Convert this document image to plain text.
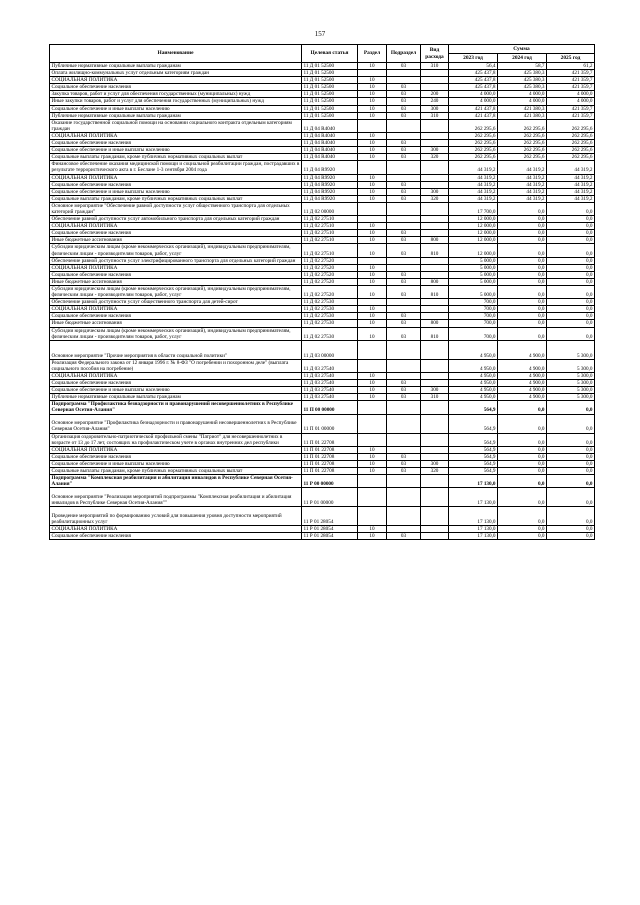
157
Наименование	Целевая статья	Раздел	Подраздел	Вид расхода	Сумма		
					2023 год	2024 год	2025 год
Публичные нормативные социальные выплаты гражданам	11 Д 01 52500	10	03	310	56,4	58,7	61,2
Оплата жилищно-коммунальных услуг отдельным категориям граждан	11 Д 01 52500				425 437,8	425 380,3	421 359,7
СОЦИАЛЬНАЯ ПОЛИТИКА	11 Д 01 52500	10			425 437,8	425 380,3	421 359,7
Социальное обеспечение населения	11 Д 01 52500	10	03		425 437,8	425 380,3	421 359,7
Закупка товаров, работ и услуг для обеспечения государственных (муниципальных) нужд	11 Д 01 52500	10	03	200	4 000,0	4 000,0	4 000,0
Иные закупки товаров, работ и услуг для обеспечения государственных (муниципальных) нужд	11 Д 01 52500	10	03	240	4 000,0	4 000,0	4 000,0
Социальное обеспечение и иные выплаты населению	11 Д 01 52500	10	03	300	421 437,8	421 380,3	421 359,7
Публичные нормативные социальные выплаты гражданам	11 Д 01 52500	10	03	310	421 437,8	421 380,3	421 359,7
Оказание государственной социальной помощи на основании социального контракта отдельным категориям граждан	11 Д 04 R4040				262 295,6	262 295,6	262 295,6
СОЦИАЛЬНАЯ ПОЛИТИКА	11 Д 04 R4040	10			262 295,6	262 295,6	262 295,6
Социальное обеспечение населения	11 Д 04 R4040	10	03		262 295,6	262 295,6	262 295,6
Социальное обеспечение и иные выплаты населению	11 Д 04 R4040	10	03	300	262 295,6	262 295,6	262 295,6
Социальные выплаты гражданам, кроме публичных нормативных социальных выплат	11 Д 04 R4040	10	03	320	262 295,6	262 295,6	262 295,6
Финансовое обеспечение оказания медицинской помощи и социальной реабилитации граждан, пострадавших в результате террористического акта в г. Беслане 1-3 сентября 2004 года	11 Д 04 R9920				44 319,2	44 319,2	44 319,2
СОЦИАЛЬНАЯ ПОЛИТИКА	11 Д 04 R9920	10			44 319,2	44 319,2	44 319,2
Социальное обеспечение населения	11 Д 04 R9920	10	03		44 319,2	44 319,2	44 319,2
Социальное обеспечение и иные выплаты населению	11 Д 04 R9920	10	03	300	44 319,2	44 319,2	44 319,2
Социальные выплаты гражданам, кроме публичных нормативных социальных выплат	11 Д 04 R9920	10	03	320	44 319,2	44 319,2	44 319,2
Основное мероприятие "Обеспечение равной доступности услуг общественного транспорта для отдельных категорий граждан"	11 Д 02 00000				17 700,0	0,0	0,0
Обеспечение равной доступности услуг автомобильного транспорта для отдельных категорий граждан	11 Д 02 27510				12 000,0	0,0	0,0
СОЦИАЛЬНАЯ ПОЛИТИКА	11 Д 02 27510	10			12 000,0	0,0	0,0
Социальное обеспечение населения	11 Д 02 27510	10	03		12 000,0	0,0	0,0
Иные бюджетные ассигнования	11 Д 02 27510	10	03	800	12 000,0	0,0	0,0
Субсидии юридическим лицам (кроме некоммерческих организаций), индивидуальным предпринимателям, физическим лицам - производителям товаров, работ, услуг	11 Д 02 27510	10	03	810	12 000,0	0,0	0,0
Обеспечение равной доступности услуг электрифицированного транспорта для отдельных категорий граждан	11 Д 02 27520				5 000,0	0,0	0,0
СОЦИАЛЬНАЯ ПОЛИТИКА	11 Д 02 27520	10			5 000,0	0,0	0,0
Социальное обеспечение населения	11 Д 02 27520	10	03		5 000,0	0,0	0,0
Иные бюджетные ассигнования	11 Д 02 27520	10	03	800	5 000,0	0,0	0,0
Субсидии юридическим лицам (кроме некоммерческих организаций), индивидуальным предпринимателям, физическим лицам - производителям товаров, работ, услуг	11 Д 02 27520	10	03	810	5 000,0	0,0	0,0
Обеспечение равной доступности услуг общественного транспорта для детей-сирот	11 Д 02 27530				700,0	0,0	0,0
СОЦИАЛЬНАЯ ПОЛИТИКА	11 Д 02 27530	10			700,0	0,0	0,0
Социальное обеспечение населения	11 Д 02 27530	10	03		700,0	0,0	0,0
Иные бюджетные ассигнования	11 Д 02 27530	10	03	800	700,0	0,0	0,0
Субсидии юридическим лицам (кроме некоммерческих организаций), индивидуальным предпринимателям, физическим лицам - производителям товаров, работ, услуг	11 Д 02 27530	10	03	810	700,0	0,0	0,0
Основное мероприятие "Прочие мероприятия в области социальной политики"	11 Д 03 00000				4 950,0	4 900,0	5 300,0
Реализация Федерального закона от 12 января 1996 г. № 8-ФЗ "О погребении и похоронном деле" (выплата социального пособия на погребение)	11 Д 03 27540				4 950,0	4 900,0	5 300,0
СОЦИАЛЬНАЯ ПОЛИТИКА	11 Д 03 27540	10			4 950,0	4 900,0	5 300,0
Социальное обеспечение населения	11 Д 03 27540	10	03		4 950,0	4 900,0	5 300,0
Социальное обеспечение и иные выплаты населению	11 Д 03 27540	10	03	300	4 950,0	4 900,0	5 300,0
Публичные нормативные социальные выплаты гражданам	11 Д 03 27540	10	03	310	4 950,0	4 900,0	5 300,0
Подпрограмма "Профилактика безнадзорности и правонарушений несовершеннолетних в Республике Северная Осетия-Алания"	11 П 00 00000				564,9	0,0	0,0
Основное мероприятие "Профилактика безнадзорности и правонарушений несовершеннолетних в Республике Северная Осетия-Алания"	11 П 01 00000				564,9	0,0	0,0
Организация оздоровительно-патриотической профильной смены "Патриот" для несовершеннолетних в возрасте от 13 до 17 лет, состоящих на профилактическом учете в органах внутренних дел республики	11 П 01 22708				564,9	0,0	0,0
СОЦИАЛЬНАЯ ПОЛИТИКА	11 П 01 22708	10			564,9	0,0	0,0
Социальное обеспечение населения	11 П 01 22708	10	03		564,9	0,0	0,0
Социальное обеспечение и иные выплаты населению	11 П 01 22708	10	03	300	564,9	0,0	0,0
Социальные выплаты гражданам, кроме публичных нормативных социальных выплат	11 П 01 22708	10	03	320	564,9	0,0	0,0
Подпрограмма "Комплексная реабилитация и абилитация инвалидов в Республике Северная Осетия-Алания"	11 Р 00 00000				17 130,0	0,0	0,0
Основное мероприятие "Реализация мероприятий подпрограммы "Комплексная реабилитация и абилитация инвалидов в Республике Северная Осетия-Алания""	11 Р 01 00000				17 130,0	0,0	0,0
Проведение мероприятий по формированию условий для повышения уровня доступности мероприятий реабилитационных услуг	11 Р 01 28054				17 130,0	0,0	0,0
СОЦИАЛЬНАЯ ПОЛИТИКА	11 Р 01 28054	10			17 130,0	0,0	0,0
Социальное обеспечение населения	11 Р 01 28054	10	03		17 130,0	0,0	0,0
